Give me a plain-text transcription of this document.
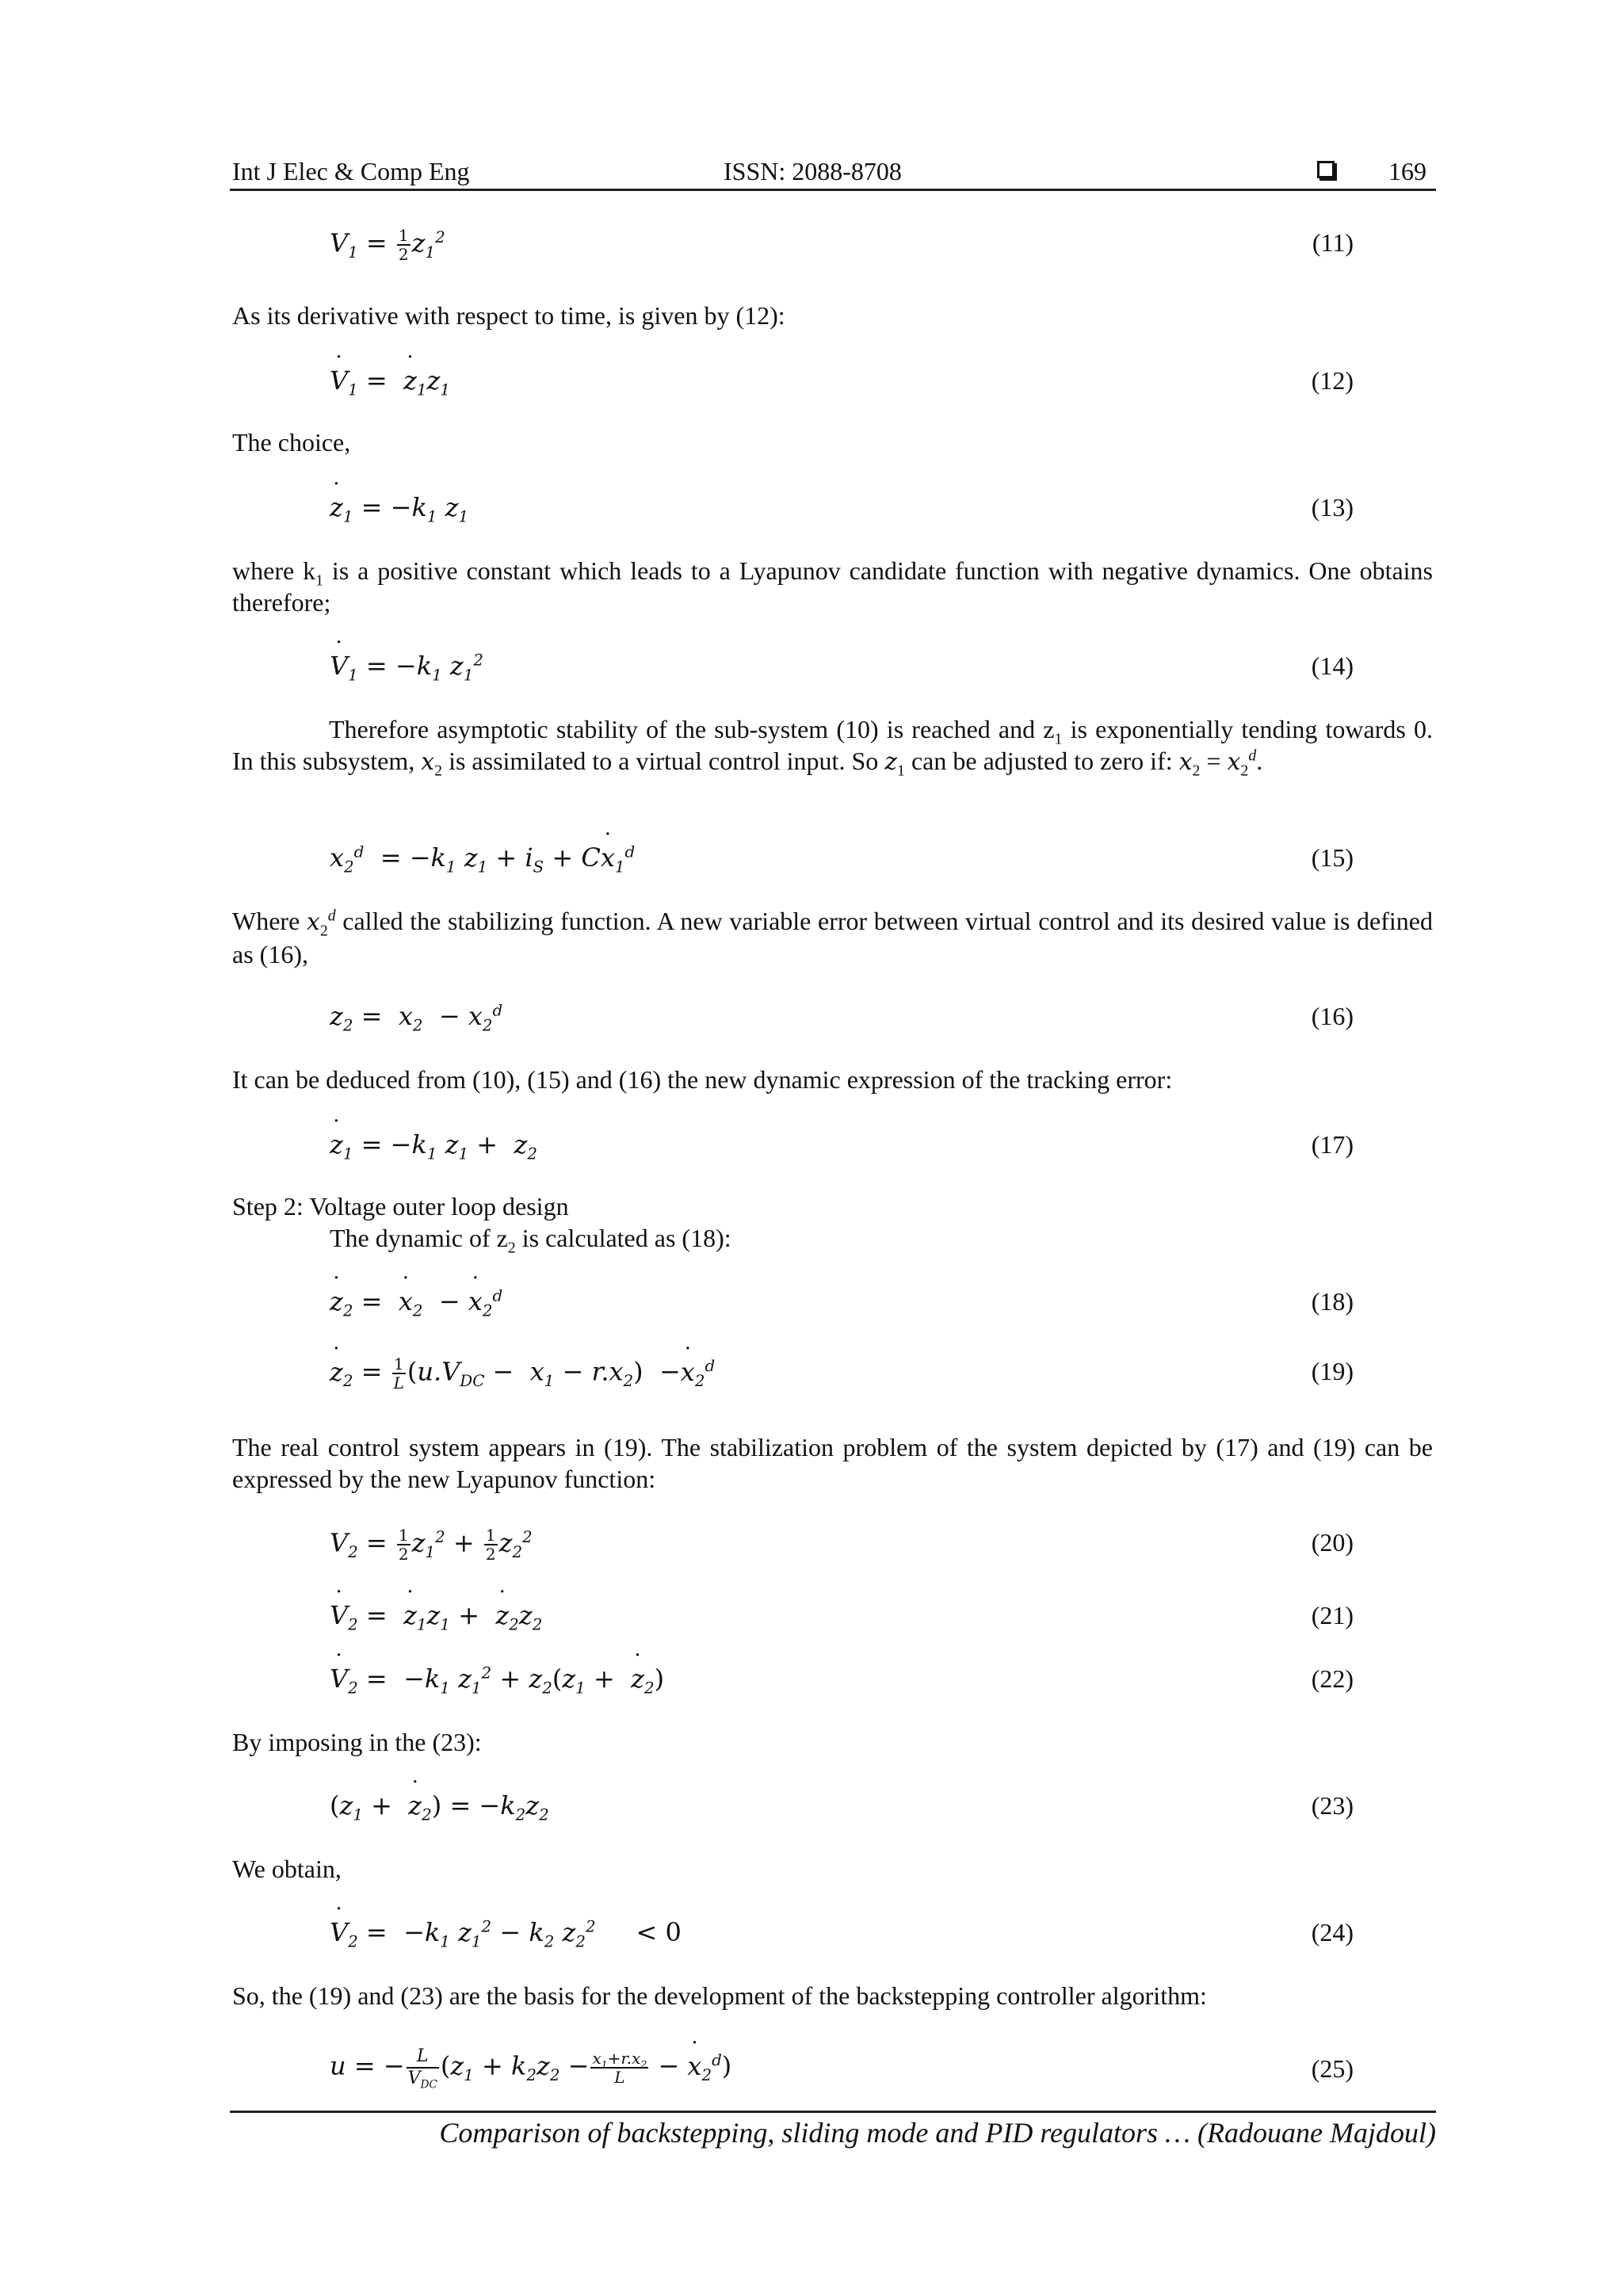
Int J Elec & Comp Eng	ISSN: 2088-8708	169
$V_1 = \frac{1}{2} z_1^2$	(11)
As its derivative with respect to time, is given by (12):
˙ $V_1$ = ˙ $z_1z_1$	(12)
The choice,
˙ $z_1 = -k_1$ $z_1$	(13)
where $k_1$ is a positive constant which leads to a Lyapunov candidate function with negative dynamics. One obtains therefore;
˙ $V_1 = -k_1$ $z_1^2$	(14)
Therefore asymptotic stability of the sub-system (10) is reached and $z_1$ is exponentially tending towards 0. In this subsystem, $x_2$ is assimilated to a virtual control input. So $z_1$ can be adjusted to zero if: $x_2 = x_2^d$.
$x_2^d = -k_1$ $z_1 + i_S$ + C˙ $x_1^d$	(15)
Where $x_2^d$ called the stabilizing function. A new variable error between virtual control and its desired value is defined as (16),
$z_2 = x_2 - x_2^d$	(16)
It can be deduced from (10), (15) and (16) the new dynamic expression of the tracking error:
˙ $z_1 = -k_1$ $z_1 + z_2$	(17)
Step 2: Voltage outer loop design
The dynamic of $z_2$ is calculated as (18):
˙ $z_2$ = ˙ $x_2$ − ˙ $x_2^d$	(18)
˙ $z_2 = \frac{1}{L} (u.V_{DC} - x_1 - r.x_2)$ −˙ $x_2^d$	(19)
The real control system appears in (19). The stabilization problem of the system depicted by (17) and (19) can be expressed by the new Lyapunov function:
$V_2 = \frac{1}{2} z_1^2 + \frac{1}{2} z_2^2$	(20)
˙ $V_2$ = ˙ $z_1z_1$ + ˙ $z_2z_2$	(21)
˙ $V_2 = -k_1$ $z_1^2 + z_2(z_1$ + ˙ $z_2$)	(22)
By imposing in the (23):
($z_1$ + ˙ $z_2) = -k_2z_2$	(23)
We obtain,
˙ $V_2 = -k_1$ $z_1^2 - k_2$ $z_2^2 < 0$	(24)
So, the (19) and (23) are the basis for the development of the backstepping controller algorithm:
u = − $\frac{L}{V_{DC}} (z_1 + k_2z_2 - \frac{x_1+r.x_2}{L}$ − ˙ $x_2^d$)	(25)
Comparison of backstepping, sliding mode and PID regulators … (Radouane Majdoul)
